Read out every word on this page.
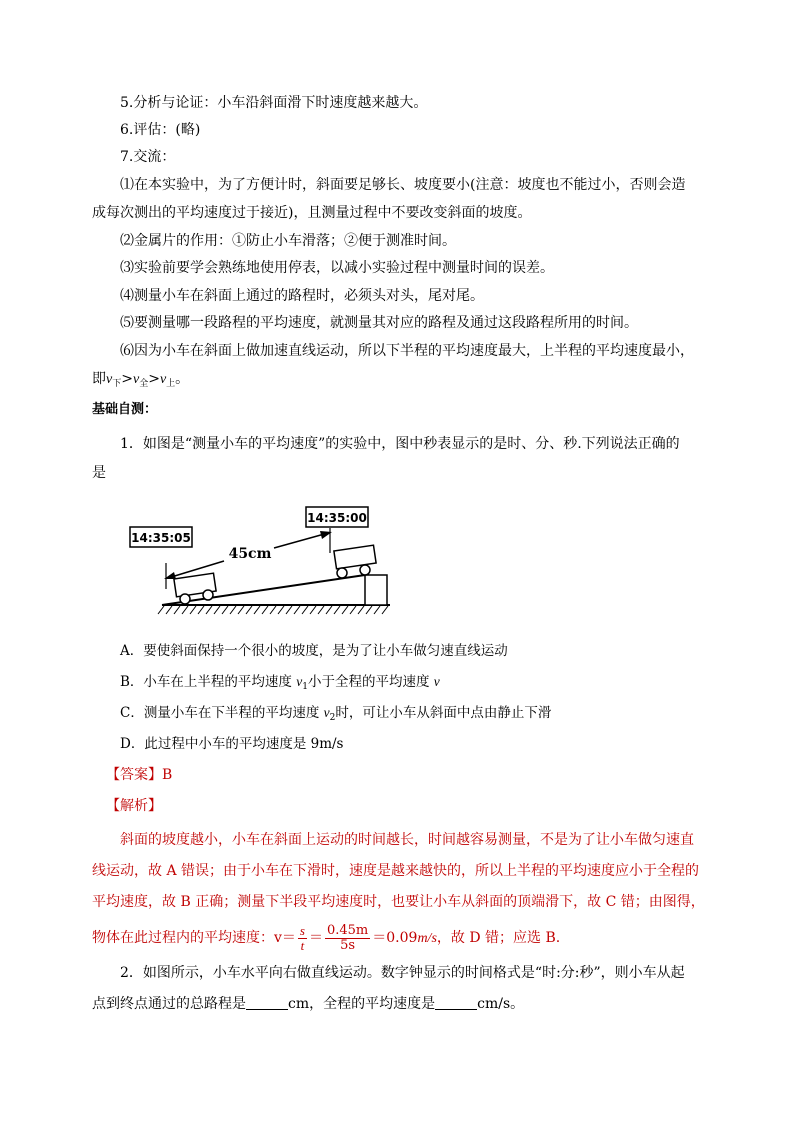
5.分析与论证：小车沿斜面滑下时速度越来越大。
6.评估：(略)
7.交流：
⑴在本实验中，为了方便计时，斜面要足够长、坡度要小(注意：坡度也不能过小，否则会造
成每次测出的平均速度过于接近)，且测量过程中不要改变斜面的坡度。
⑵金属片的作用：①防止小车滑落；②便于测准时间。
⑶实验前要学会熟练地使用停表，以减小实验过程中测量时间的误差。
⑷测量小车在斜面上通过的路程时，必须头对头，尾对尾。
⑸要测量哪一段路程的平均速度，就测量其对应的路程及通过这段路程所用的时间。
⑹因为小车在斜面上做加速直线运动，所以下半程的平均速度最大，上半程的平均速度最小，
即$v_下>v_全>v_上$。
基础自测：
1．如图是“测量小车的平均速度”的实验中，图中秒表显示的是时、分、秒.下列说法正确的
是
14:35:05
14:35:00
45cm
A．要使斜面保持一个很小的坡度，是为了让小车做匀速直线运动
B．小车在上半程的平均速度 $v_1$小于全程的平均速度 v
C．测量小车在下半程的平均速度 $v_2$时，可让小车从斜面中点由静止下滑
D．此过程中小车的平均速度是 9m/s
【答案】B
【解析】
斜面的坡度越小，小车在斜面上运动的时间越长，时间越容易测量，不是为了让小车做匀速直
线运动，故 A 错误；由于小车在下滑时，速度是越来越快的，所以上半程的平均速度应小于全程的
平均速度，故 B 正确；测量下半段平均速度时，也要让小车从斜面的顶端滑下，故 C 错；由图得，
物体在此过程内的平均速度：$v= \frac{s}{t} = \frac{0.45m}{5s} =0.09m/s$，故 D 错；应选 B.
2．如图所示，小车水平向右做直线运动。数字钟显示的时间格式是“时:分:秒”，则小车从起
点到终点通过的总路程是	cm，全程的平均速度是	cm/s。
